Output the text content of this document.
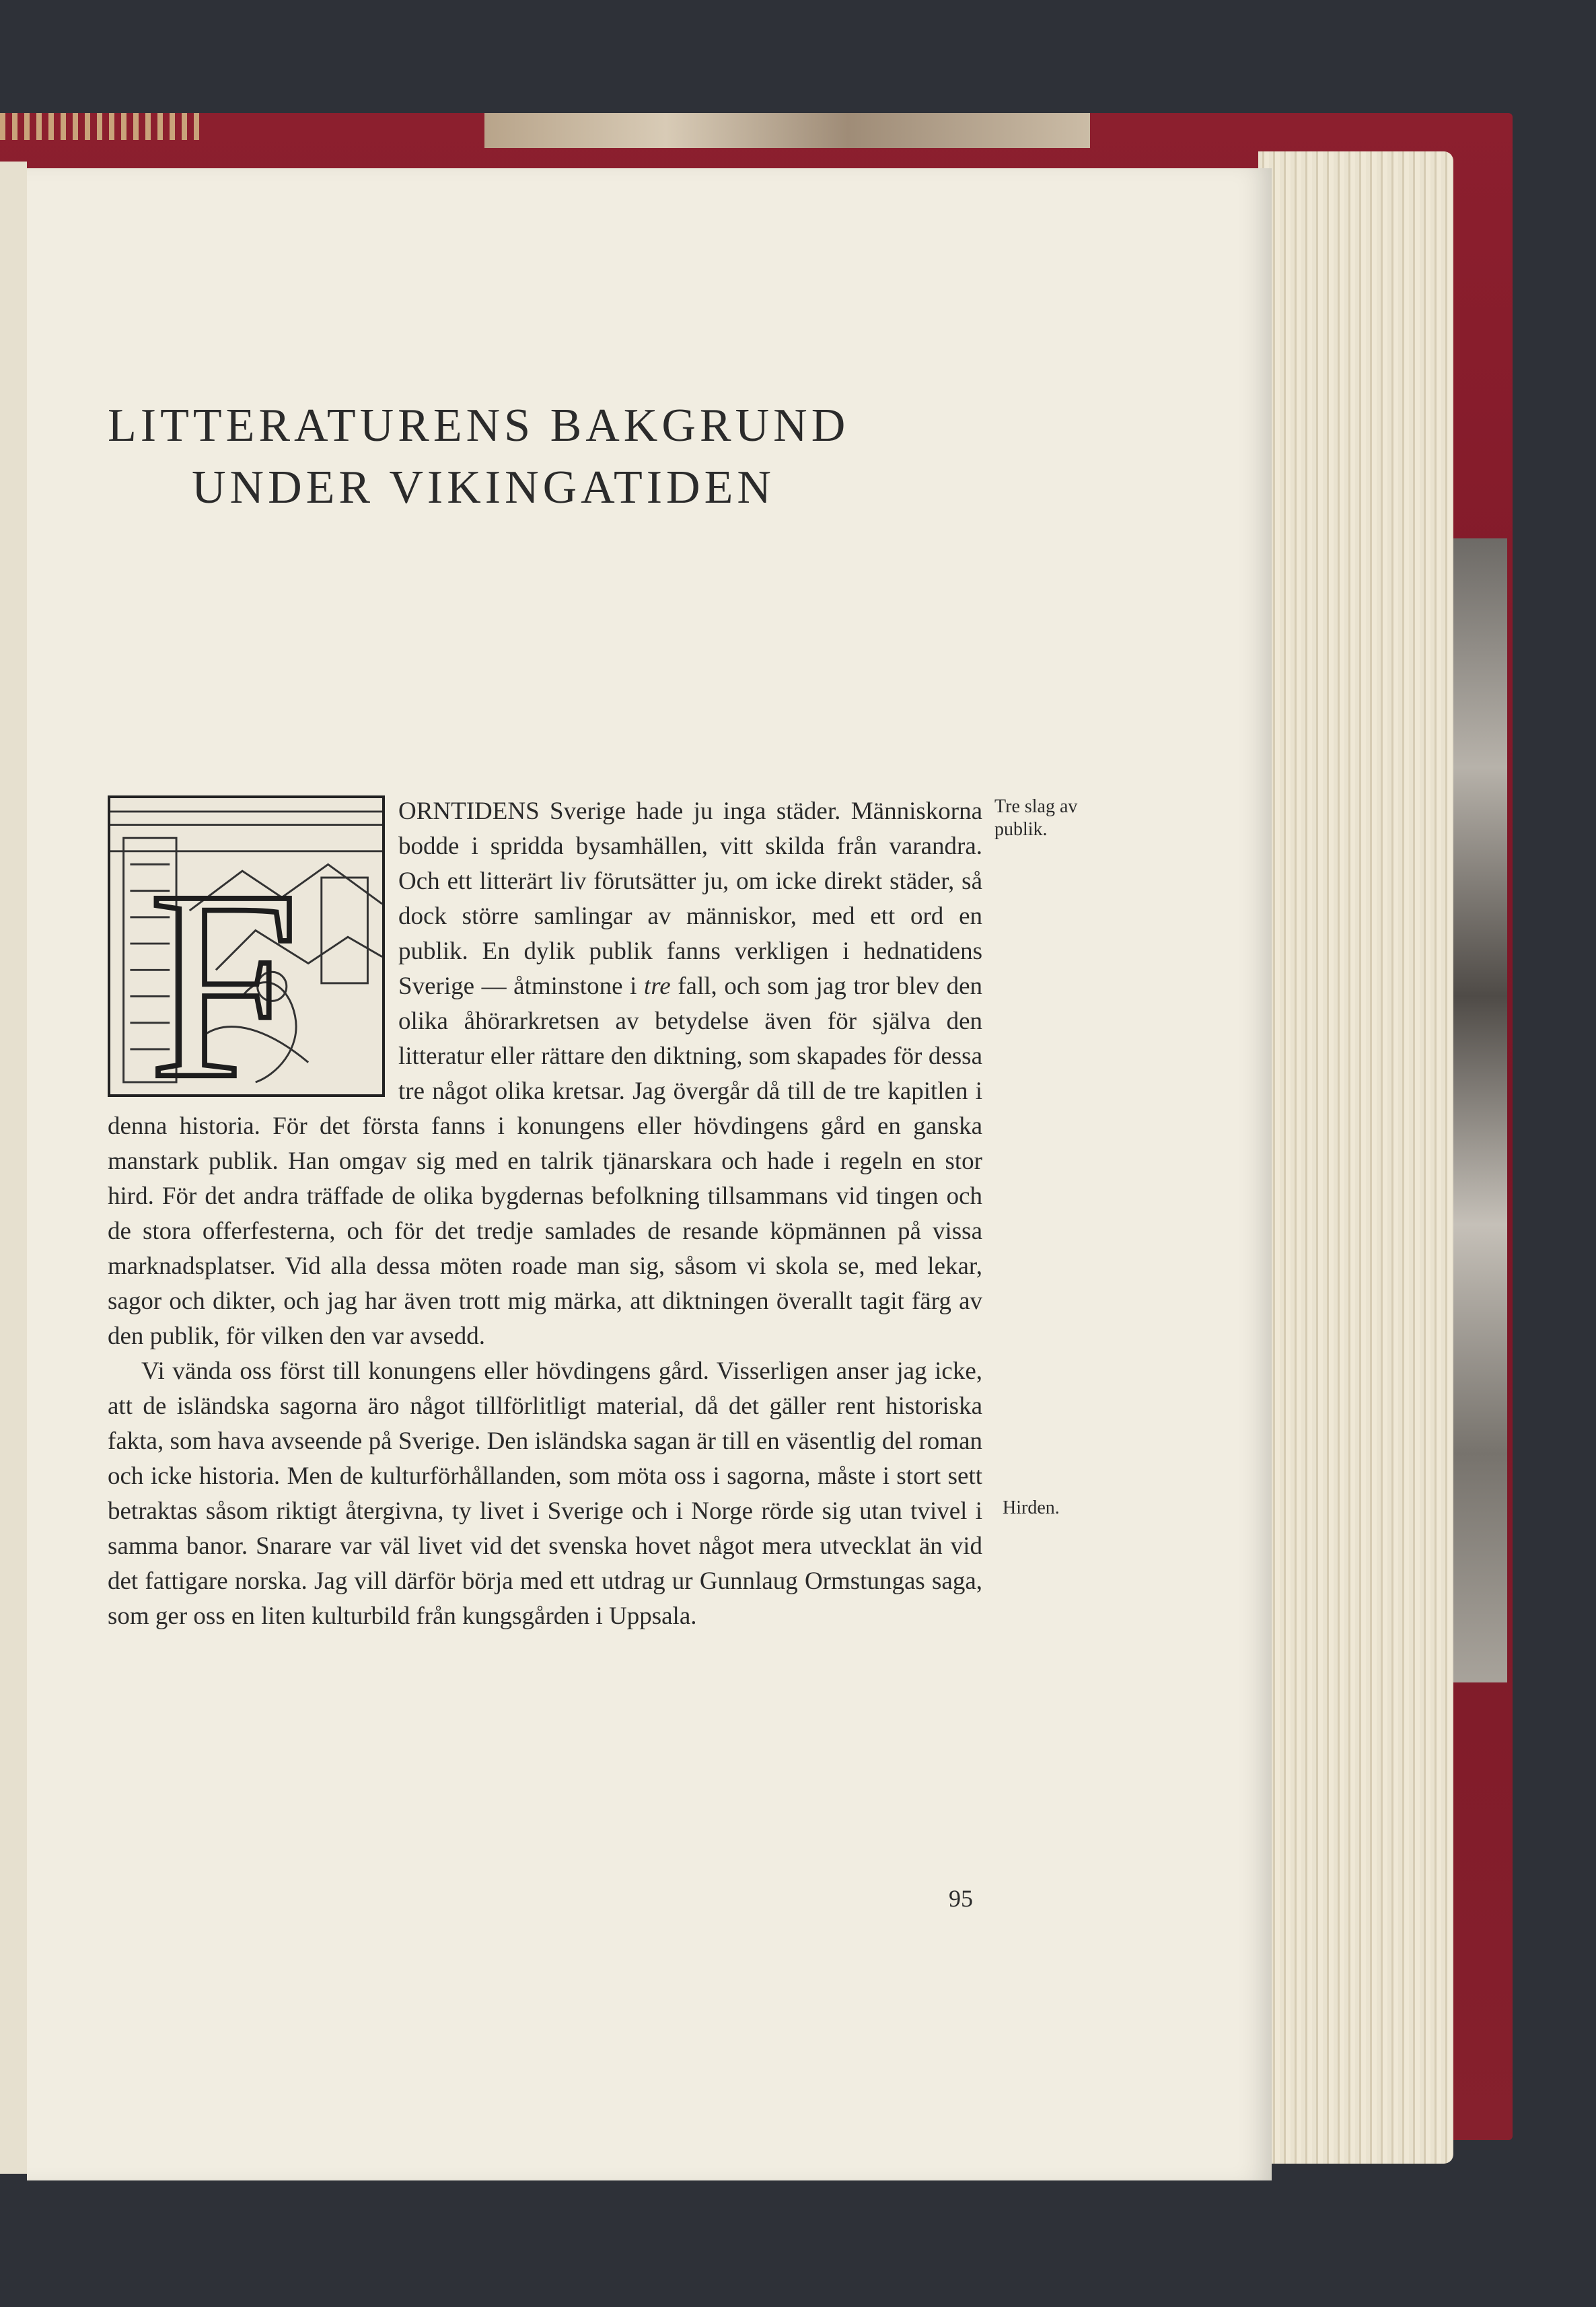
LITTERATURENS BAKGRUND
UNDER VIKINGATIDEN
F

ORNTIDENS Sverige hade ju inga städer. Människorna bodde i spridda bysamhällen, vitt skilda från varandra. Och ett litterärt liv förutsätter ju, om icke direkt städer, så dock större samlingar av människor, med ett ord en publik. En dylik publik fanns verkligen i hednatidens Sverige — åtminstone i tre fall, och som jag tror blev den olika åhörarkretsen av betydelse även för själva den litteratur eller rättare den diktning, som skapades för dessa tre något olika kretsar. Jag övergår då till de tre kapitlen i denna historia. För det första fanns i konungens eller hövdingens gård en ganska manstark publik. Han omgav sig med en talrik tjänarskara och hade i regeln en stor hird. För det andra träffade de olika bygdernas befolkning tillsammans vid tingen och de stora offerfesterna, och för det tredje samlades de resande köpmännen på vissa marknadsplatser. Vid alla dessa möten roade man sig, såsom vi skola se, med lekar, sagor och dikter, och jag har även trott mig märka, att diktningen överallt tagit färg av den publik, för vilken den var avsedd.

Vi vända oss först till konungens eller hövdingens gård. Visserligen anser jag icke, att de isländska sagorna äro något tillförlitligt material, då det gäller rent historiska fakta, som hava avseende på Sverige. Den isländska sagan är till en väsentlig del roman och icke historia. Men de kulturförhållanden, som möta oss i sagorna, måste i stort sett betraktas såsom riktigt återgivna, ty livet i Sverige och i Norge rörde sig utan tvivel i samma banor. Snarare var väl livet vid det svenska hovet något mera utvecklat än vid det fattigare norska. Jag vill därför börja med ett utdrag ur Gunnlaug Ormstungas saga, som ger oss en liten kulturbild från kungsgården i Uppsala.

Tre slag av publik.
Hirden.
95
